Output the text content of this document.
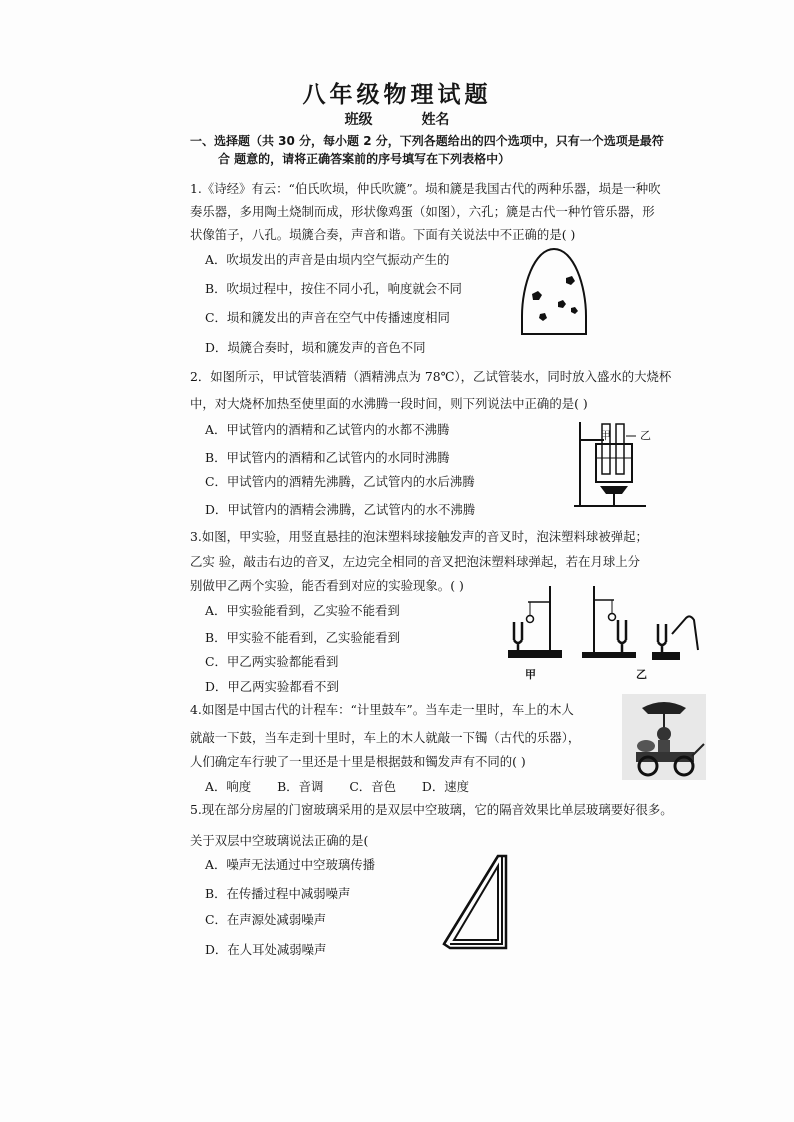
八年级物理试题
班级	姓名
一、选择题（共 30 分，每小题 2 分，下列各题给出的四个选项中，只有一个选项是最符
合 题意的，请将正确答案前的序号填写在下列表格中）
1.《诗经》有云：“伯氏吹埙，仲氏吹篪”。埙和篪是我国古代的两种乐器，埙是一种吹
奏乐器，多用陶土烧制而成，形状像鸡蛋（如图），六孔；篪是古代一种竹管乐器，形
状像笛子，八孔。埙篪合奏，声音和谐。下面有关说法中不正确的是( )
A．吹埙发出的声音是由埙内空气振动产生的
B．吹埙过程中，按住不同小孔，响度就会不同
C．埙和篪发出的声音在空气中传播速度相同
D．埙篪合奏时，埙和篪发声的音色不同
2．如图所示，甲试管装酒精（酒精沸点为 78℃），乙试管装水，同时放入盛水的大烧杯
中，对大烧杯加热至使里面的水沸腾一段时间，则下列说法中正确的是( )
A．甲试管内的酒精和乙试管内的水都不沸腾
B．甲试管内的酒精和乙试管内的水同时沸腾
C．甲试管内的酒精先沸腾，乙试管内的水后沸腾
D．甲试管内的酒精会沸腾，乙试管内的水不沸腾
乙
甲
3.如图，甲实验，用竖直悬挂的泡沫塑料球接触发声的音叉时，泡沫塑料球被弹起；
乙实 验，敲击右边的音叉，左边完全相同的音叉把泡沫塑料球弹起，若在月球上分
别做甲乙两个实验，能否看到对应的实验现象。( )
A．甲实验能看到，乙实验不能看到
B．甲实验不能看到，乙实验能看到
C．甲乙两实验都能看到
D．甲乙两实验都看不到
甲	乙
4.如图是中国古代的计程车：“计里鼓车”。当车走一里时，车上的木人
就敲一下鼓，当车走到十里时，车上的木人就敲一下镯（古代的乐器），
人们确定车行驶了一里还是十里是根据鼓和镯发声有不同的( )
A．响度 B．音调 C．音色 D．速度
5.现在部分房屋的门窗玻璃采用的是双层中空玻璃，它的隔音效果比单层玻璃要好很多。
关于双层中空玻璃说法正确的是(
A．噪声无法通过中空玻璃传播
B．在传播过程中减弱噪声
C．在声源处减弱噪声
D．在人耳处减弱噪声
